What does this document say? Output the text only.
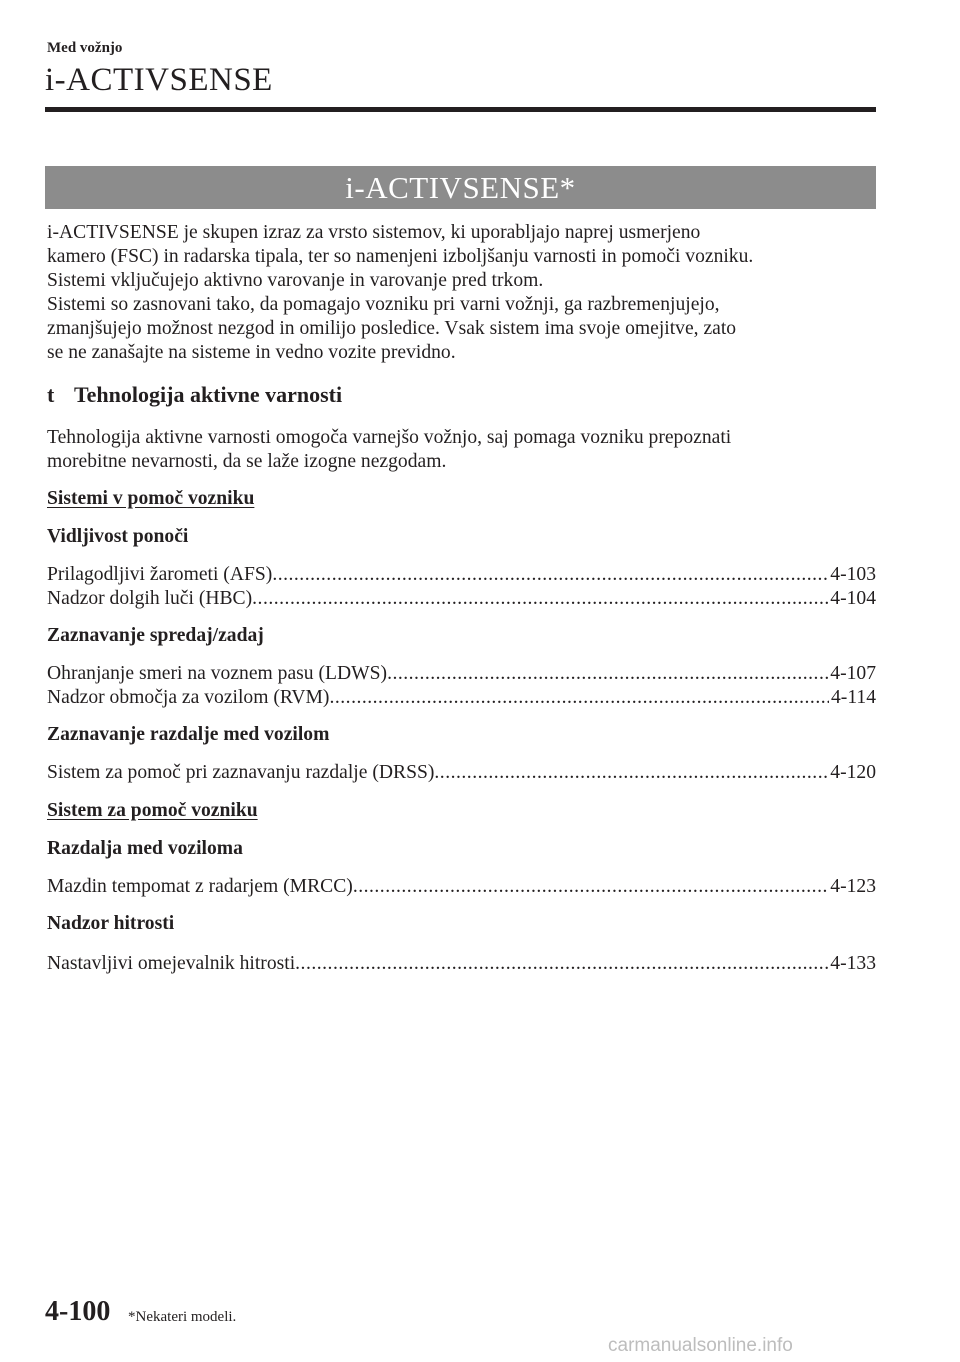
Med vožnjo
i-ACTIVSENSE
i-ACTIVSENSE*
i-ACTIVSENSE je skupen izraz za vrsto sistemov, ki uporabljajo naprej usmerjeno
kamero (FSC) in radarska tipala, ter so namenjeni izboljšanju varnosti in pomoči vozniku.
Sistemi vključujejo aktivno varovanje in varovanje pred trkom.
Sistemi so zasnovani tako, da pomagajo vozniku pri varni vožnji, ga razbremenjujejo,
zmanjšujejo možnost nezgod in omilijo posledice. Vsak sistem ima svoje omejitve, zato
se ne zanašajte na sisteme in vedno vozite previdno.
t Tehnologija aktivne varnosti
Tehnologija aktivne varnosti omogoča varnejšo vožnjo, saj pomaga vozniku prepoznati
morebitne nevarnosti, da se laže izogne nezgodam.
Sistemi v pomoč vozniku
Vidljivost ponoči
Prilagodljivi žarometi (AFS) .....	4-103
Nadzor dolgih luči (HBC) .....	4-104
Zaznavanje spredaj/zadaj
Ohranjanje smeri na voznem pasu (LDWS) .....	4-107
Nadzor območja za vozilom (RVM) .....	4-114
Zaznavanje razdalje med vozilom
Sistem za pomoč pri zaznavanju razdalje (DRSS) .....	4-120
Sistem za pomoč vozniku
Razdalja med voziloma
Mazdin tempomat z radarjem (MRCC) .....	4-123
Nadzor hitrosti
Nastavljivi omejevalnik hitrosti .....	4-133
4-100 *Nekateri modeli.
carmanualsonline.info
